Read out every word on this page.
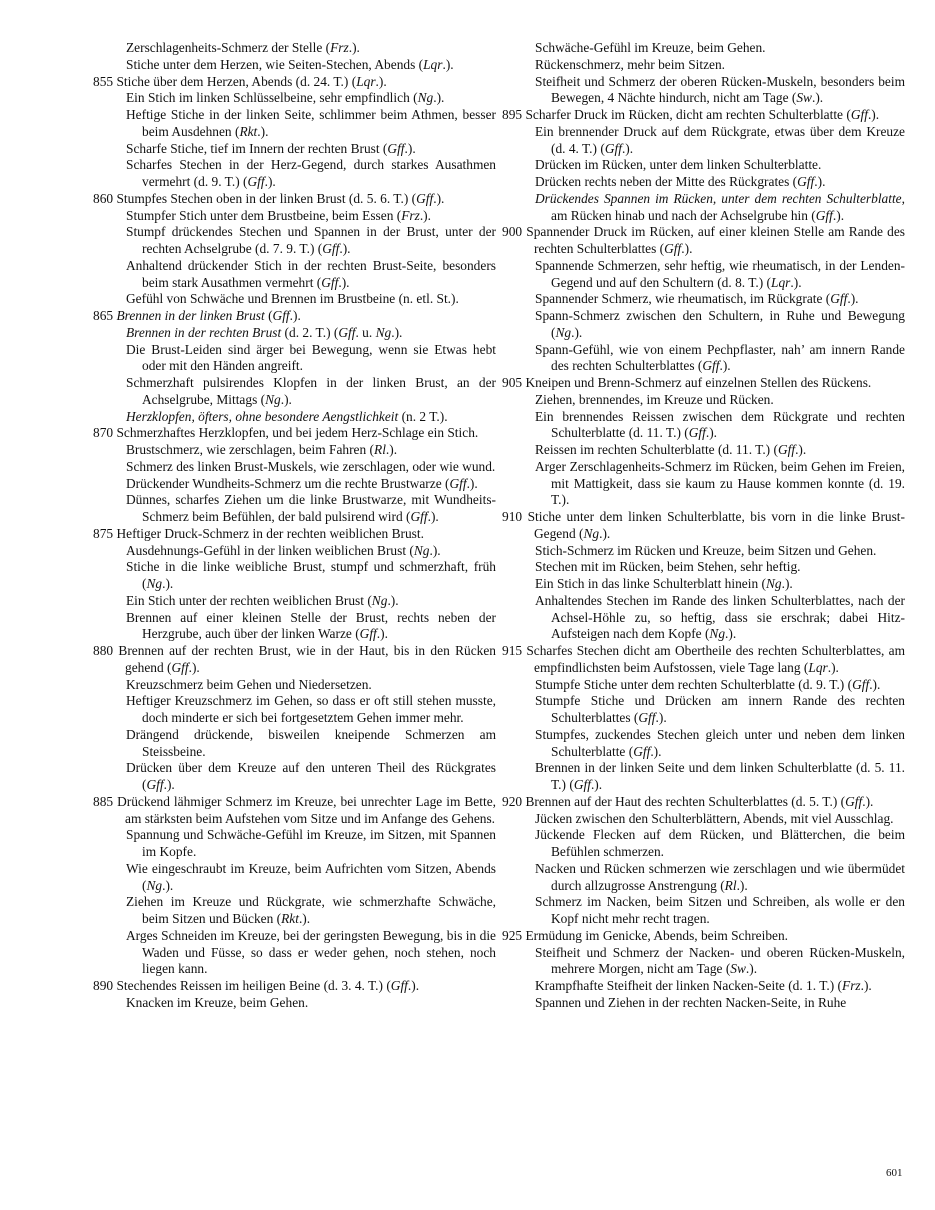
Zerschlagenheits-Schmerz der Stelle (Frz.).
Stiche unter dem Herzen, wie Seiten-Stechen, Abends (Lqr.).
855 Stiche über dem Herzen, Abends (d. 24. T.) (Lqr.).
Ein Stich im linken Schlüsselbeine, sehr empfindlich (Ng.).
Heftige Stiche in der linken Seite, schlimmer beim Athmen, besser beim Ausdehnen (Rkt.).
Scharfe Stiche, tief im Innern der rechten Brust (Gff.).
Scharfes Stechen in der Herz-Gegend, durch starkes Ausathmen vermehrt (d. 9. T.) (Gff.).
860 Stumpfes Stechen oben in der linken Brust (d. 5. 6. T.) (Gff.).
Stumpfer Stich unter dem Brustbeine, beim Essen (Frz.).
Stumpf drückendes Stechen und Spannen in der Brust, unter der rechten Achselgrube (d. 7. 9. T.) (Gff.).
Anhaltend drückender Stich in der rechten Brust-Seite, besonders beim stark Ausathmen vermehrt (Gff.).
Gefühl von Schwäche und Brennen im Brustbeine (n. etl. St.).
865 Brennen in der linken Brust (Gff.).
Brennen in der rechten Brust (d. 2. T.) (Gff. u. Ng.).
Die Brust-Leiden sind ärger bei Bewegung, wenn sie Etwas hebt oder mit den Händen angreift.
Schmerzhaft pulsirendes Klopfen in der linken Brust, an der Achselgrube, Mittags (Ng.).
Herzklopfen, öfters, ohne besondere Aengstlichkeit (n. 2 T.).
870 Schmerzhaftes Herzklopfen, und bei jedem Herz-Schlage ein Stich.
Brustschmerz, wie zerschlagen, beim Fahren (Rl.).
Schmerz des linken Brust-Muskels, wie zerschlagen, oder wie wund.
Drückender Wundheits-Schmerz um die rechte Brustwarze (Gff.).
Dünnes, scharfes Ziehen um die linke Brustwarze, mit Wundheits-Schmerz beim Befühlen, der bald pulsirend wird (Gff.).
875 Heftiger Druck-Schmerz in der rechten weiblichen Brust.
Ausdehnungs-Gefühl in der linken weiblichen Brust (Ng.).
Stiche in die linke weibliche Brust, stumpf und schmerzhaft, früh (Ng.).
Ein Stich unter der rechten weiblichen Brust (Ng.).
Brennen auf einer kleinen Stelle der Brust, rechts neben der Herzgrube, auch über der linken Warze (Gff.).
880 Brennen auf der rechten Brust, wie in der Haut, bis in den Rücken gehend (Gff.).
Kreuzschmerz beim Gehen und Niedersetzen.
Heftiger Kreuzschmerz im Gehen, so dass er oft still stehen musste, doch minderte er sich bei fortgesetztem Gehen immer mehr.
Drängend drückende, bisweilen kneipende Schmerzen am Steissbeine.
Drücken über dem Kreuze auf den unteren Theil des Rückgrates (Gff.).
885 Drückend lähmiger Schmerz im Kreuze, bei unrechter Lage im Bette, am stärksten beim Aufstehen vom Sitze und im Anfange des Gehens.
Spannung und Schwäche-Gefühl im Kreuze, im Sitzen, mit Spannen im Kopfe.
Wie eingeschraubt im Kreuze, beim Aufrichten vom Sitzen, Abends (Ng.).
Ziehen im Kreuze und Rückgrate, wie schmerzhafte Schwäche, beim Sitzen und Bücken (Rkt.).
Arges Schneiden im Kreuze, bei der geringsten Bewegung, bis in die Waden und Füsse, so dass er weder gehen, noch stehen, noch liegen kann.
890 Stechendes Reissen im heiligen Beine (d. 3. 4. T.) (Gff.).
Knacken im Kreuze, beim Gehen.
Schwäche-Gefühl im Kreuze, beim Gehen.
Rückenschmerz, mehr beim Sitzen.
Steifheit und Schmerz der oberen Rücken-Muskeln, besonders beim Bewegen, 4 Nächte hindurch, nicht am Tage (Sw.).
895 Scharfer Druck im Rücken, dicht am rechten Schulterblatte (Gff.).
Ein brennender Druck auf dem Rückgrate, etwas über dem Kreuze (d. 4. T.) (Gff.).
Drücken im Rücken, unter dem linken Schulterblatte.
Drücken rechts neben der Mitte des Rückgrates (Gff.).
Drückendes Spannen im Rücken, unter dem rechten Schulterblatte, am Rücken hinab und nach der Achselgrube hin (Gff.).
900 Spannender Druck im Rücken, auf einer kleinen Stelle am Rande des rechten Schulterblattes (Gff.).
Spannende Schmerzen, sehr heftig, wie rheumatisch, in der Lenden-Gegend und auf den Schultern (d. 8. T.) (Lqr.).
Spannender Schmerz, wie rheumatisch, im Rückgrate (Gff.).
Spann-Schmerz zwischen den Schultern, in Ruhe und Bewegung (Ng.).
Spann-Gefühl, wie von einem Pechpflaster, nah’ am innern Rande des rechten Schulterblattes (Gff.).
905 Kneipen und Brenn-Schmerz auf einzelnen Stellen des Rückens.
Ziehen, brennendes, im Kreuze und Rücken.
Ein brennendes Reissen zwischen dem Rückgrate und rechten Schulterblatte (d. 11. T.) (Gff.).
Reissen im rechten Schulterblatte (d. 11. T.) (Gff.).
Arger Zerschlagenheits-Schmerz im Rücken, beim Gehen im Freien, mit Mattigkeit, dass sie kaum zu Hause kommen konnte (d. 19. T.).
910 Stiche unter dem linken Schulterblatte, bis vorn in die linke Brust-Gegend (Ng.).
Stich-Schmerz im Rücken und Kreuze, beim Sitzen und Gehen.
Stechen mit im Rücken, beim Stehen, sehr heftig.
Ein Stich in das linke Schulterblatt hinein (Ng.).
Anhaltendes Stechen im Rande des linken Schulterblattes, nach der Achsel-Höhle zu, so heftig, dass sie erschrak; dabei Hitz-Aufsteigen nach dem Kopfe (Ng.).
915 Scharfes Stechen dicht am Obertheile des rechten Schulterblattes, am empfindlichsten beim Aufstossen, viele Tage lang (Lqr.).
Stumpfe Stiche unter dem rechten Schulterblatte (d. 9. T.) (Gff.).
Stumpfe Stiche und Drücken am innern Rande des rechten Schulterblattes (Gff.).
Stumpfes, zuckendes Stechen gleich unter und neben dem linken Schulterblatte (Gff.).
Brennen in der linken Seite und dem linken Schulterblatte (d. 5. 11. T.) (Gff.).
920 Brennen auf der Haut des rechten Schulterblattes (d. 5. T.) (Gff.).
Jücken zwischen den Schulterblättern, Abends, mit viel Ausschlag.
Jückende Flecken auf dem Rücken, und Blätterchen, die beim Befühlen schmerzen.
Nacken und Rücken schmerzen wie zerschlagen und wie übermüdet durch allzugrosse Anstrengung (Rl.).
Schmerz im Nacken, beim Sitzen und Schreiben, als wolle er den Kopf nicht mehr recht tragen.
925 Ermüdung im Genicke, Abends, beim Schreiben.
Steifheit und Schmerz der Nacken- und oberen Rücken-Muskeln, mehrere Morgen, nicht am Tage (Sw.).
Krampfhafte Steifheit der linken Nacken-Seite (d. 1. T.) (Frz.).
Spannen und Ziehen in der rechten Nacken-Seite, in Ruhe
601
